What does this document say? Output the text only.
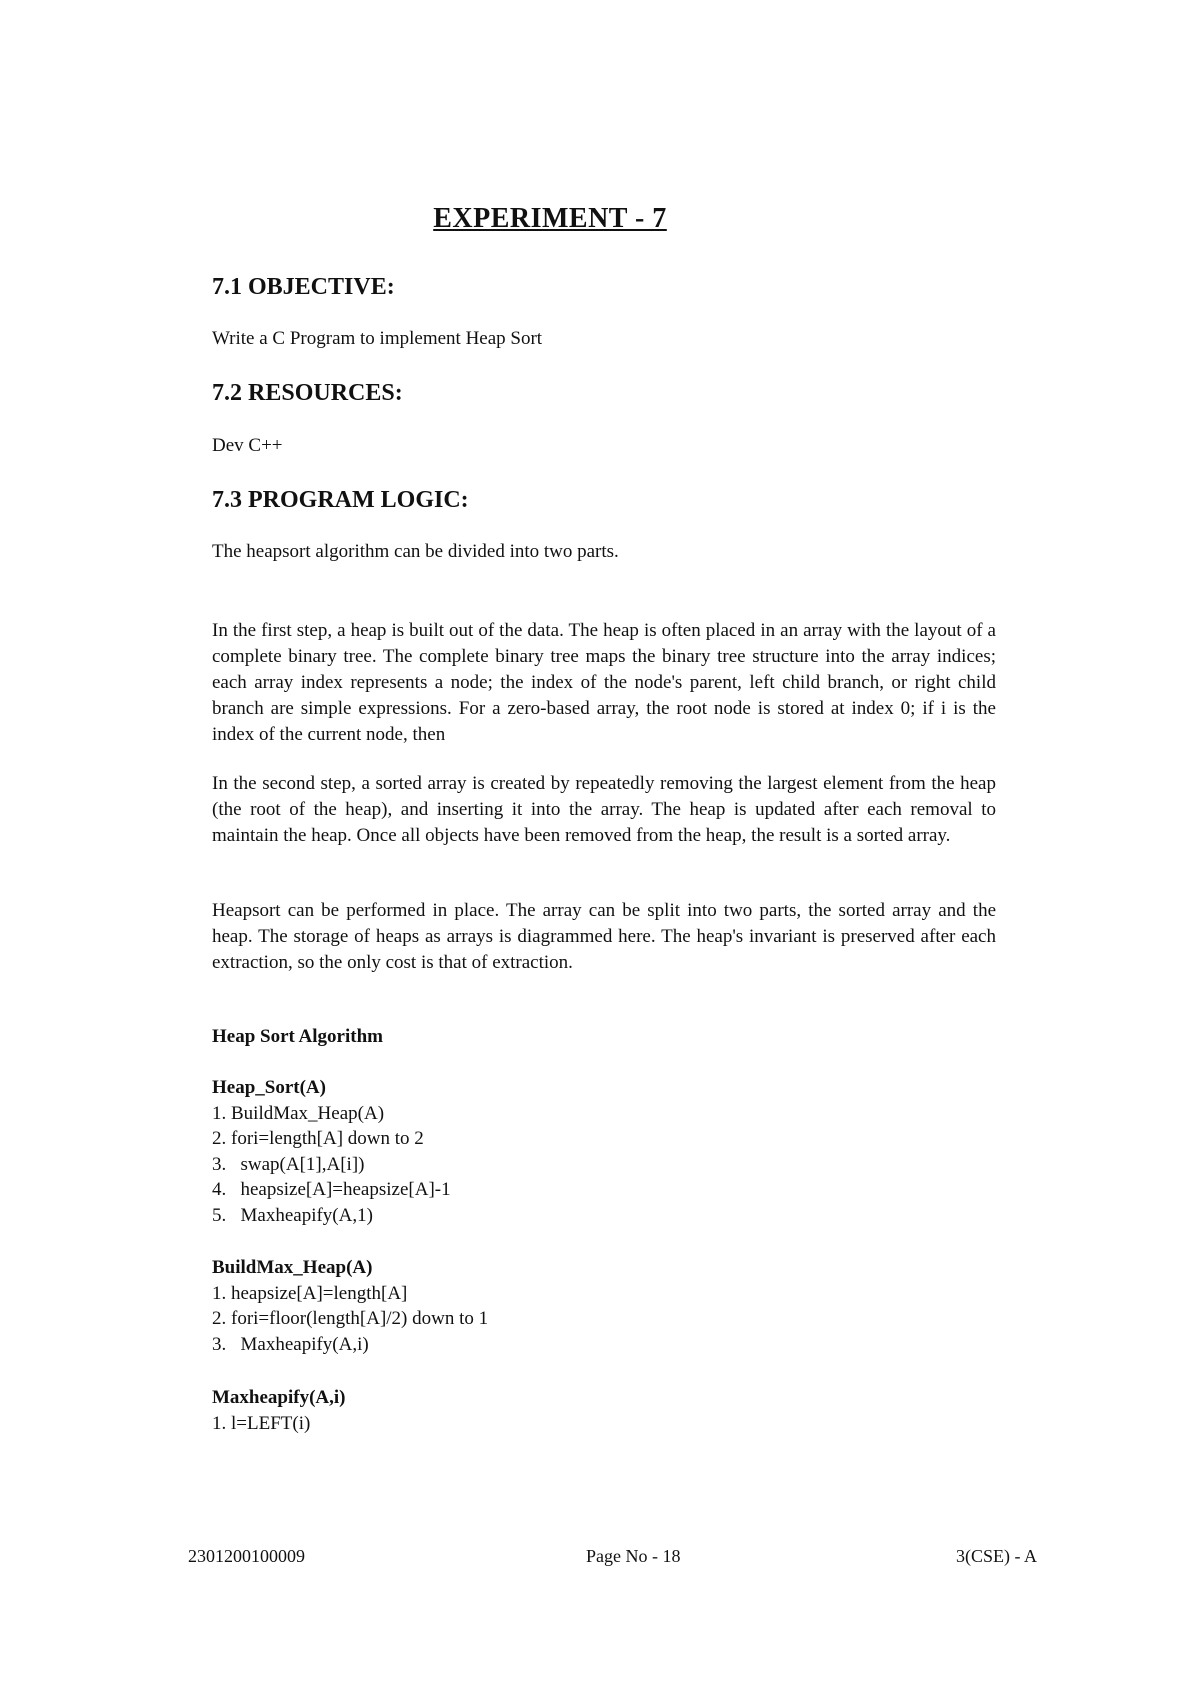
EXPERIMENT - 7
7.1 OBJECTIVE:
Write a C Program to implement Heap Sort
7.2 RESOURCES:
Dev C++
7.3 PROGRAM LOGIC:
The heapsort algorithm can be divided into two parts.
In the first step, a heap is built out of the data. The heap is often placed in an array with the layout of a complete binary tree. The complete binary tree maps the binary tree structure into the array indices; each array index represents a node; the index of the node's parent, left child branch, or right child branch are simple expressions. For a zero-based array, the root node is stored at index 0; if i is the index of the current node, then
In the second step, a sorted array is created by repeatedly removing the largest element from the heap (the root of the heap), and inserting it into the array. The heap is updated after each removal to maintain the heap. Once all objects have been removed from the heap, the result is a sorted array.
Heapsort can be performed in place. The array can be split into two parts, the sorted array and the heap. The storage of heaps as arrays is diagrammed here. The heap's invariant is preserved after each extraction, so the only cost is that of extraction.
Heap Sort Algorithm
Heap_Sort(A)
1. BuildMax_Heap(A)
2. fori=length[A] down to 2
3.   swap(A[1],A[i])
4.   heapsize[A]=heapsize[A]-1
5.   Maxheapify(A,1)
BuildMax_Heap(A)
1. heapsize[A]=length[A]
2. fori=floor(length[A]/2) down to 1
3.   Maxheapify(A,i)
Maxheapify(A,i)
1. l=LEFT(i)
2301200100009	Page No - 18	3(CSE) - A
